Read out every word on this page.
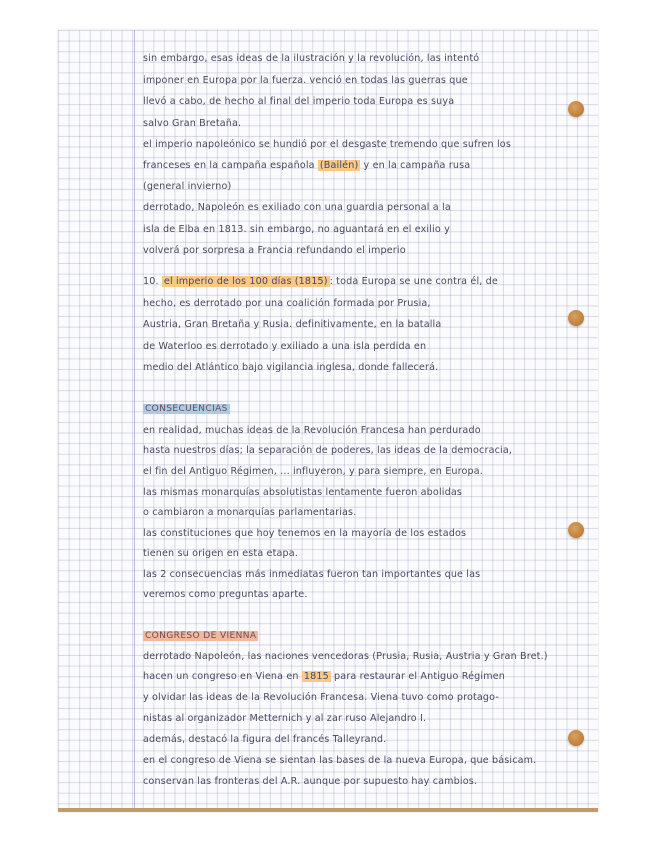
sin embargo, esas ideas de la ilustración y la revolución, las intentó

imponer en Europa por la fuerza. venció en todas las guerras que

llevó a cabo, de hecho al final del imperio toda Europa es suya

salvo Gran Bretaña.

el imperio napoleónico se hundió por el desgaste tremendo que sufren los

franceses en la campaña española (Bailén) y en la campaña rusa

(general invierno)

derrotado, Napoleón es exiliado con una guardia personal a la

isla de Elba en 1813. sin embargo, no aguantará en el exilio y

volverá por sorpresa a Francia refundando el imperio

10. el imperio de los 100 días (1815) : toda Europa se une contra él, de

hecho, es derrotado por una coalición formada por Prusia,

Austria, Gran Bretaña y Rusia. definitivamente, en la batalla

de Waterloo es derrotado y exiliado a una isla perdida en

medio del Atlántico bajo vigilancia inglesa, donde fallecerá.

CONSECUENCIAS

en realidad, muchas ideas de la Revolución Francesa han perdurado

hasta nuestros días; la separación de poderes, las ideas de la democracia,

el fin del Antiguo Régimen, ... influyeron, y para siempre, en Europa.

las mismas monarquías absolutistas lentamente fueron abolidas

o cambiaron a monarquías parlamentarias.

las constituciones que hoy tenemos en la mayoría de los estados

tienen su origen en esta etapa.

las 2 consecuencias más inmediatas fueron tan importantes que las

veremos como preguntas aparte.

CONGRESO DE VIENNA

derrotado Napoleón, las naciones vencedoras (Prusia, Rusia, Austria y Gran Bret.)

hacen un congreso en Viena en 1815 para restaurar el Antiguo Régimen

y olvidar las ideas de la Revolución Francesa. Viena tuvo como protago-

nistas al organizador Metternich y al zar ruso Alejandro I.

además, destacó la figura del francés Talleyrand.

en el congreso de Viena se sientan las bases de la nueva Europa, que básicam.

conservan las fronteras del A.R. aunque por supuesto hay cambios.
